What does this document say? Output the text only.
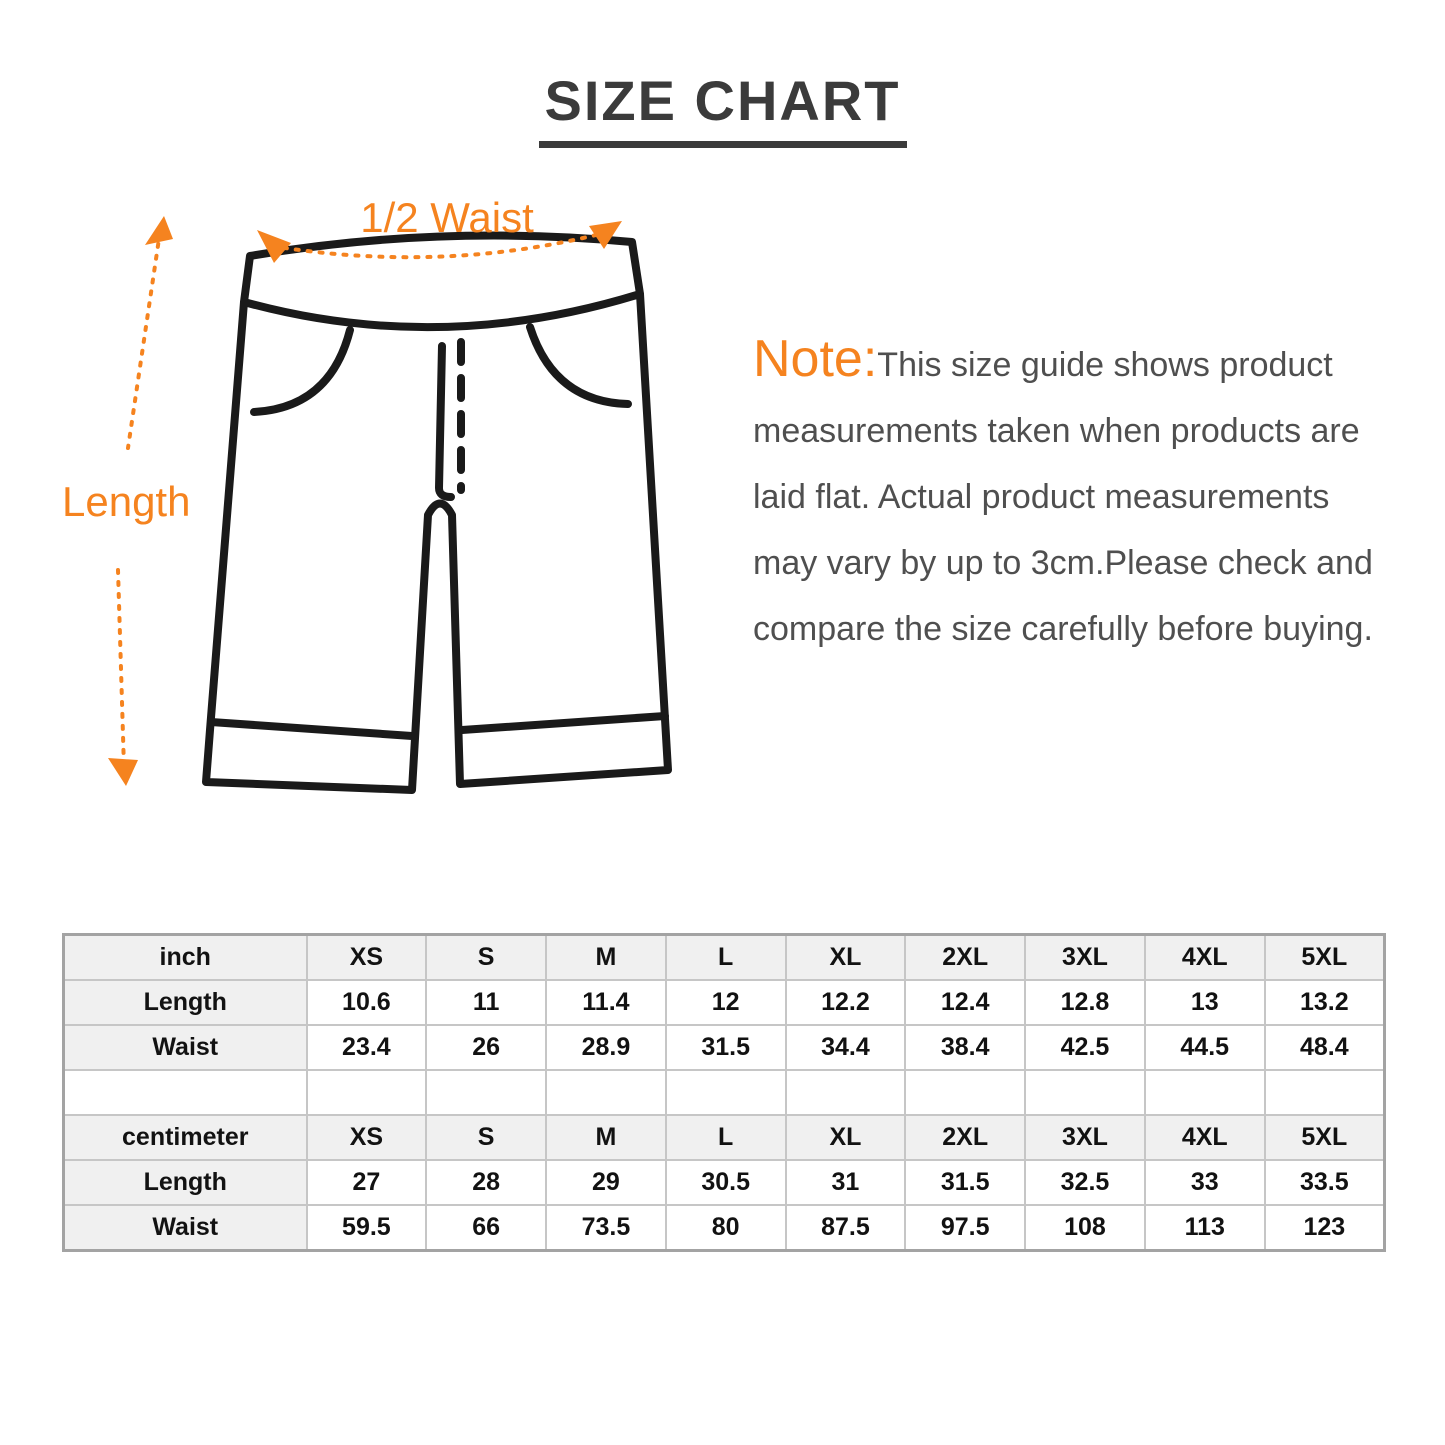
SIZE CHART
1/2 Waist
Length

Note:This size guide shows product measurements taken when products are laid flat. Actual product measurements may vary by up to 3cm.Please check and compare the size carefully before buying.

inch	XS	S	M	L	XL	2XL	3XL	4XL	5XL
Length	10.6	11	11.4	12	12.2	12.4	12.8	13	13.2
Waist	23.4	26	28.9	31.5	34.4	38.4	42.5	44.5	48.4

centimeter	XS	S	M	L	XL	2XL	3XL	4XL	5XL
Length	27	28	29	30.5	31	31.5	32.5	33	33.5
Waist	59.5	66	73.5	80	87.5	97.5	108	113	123
